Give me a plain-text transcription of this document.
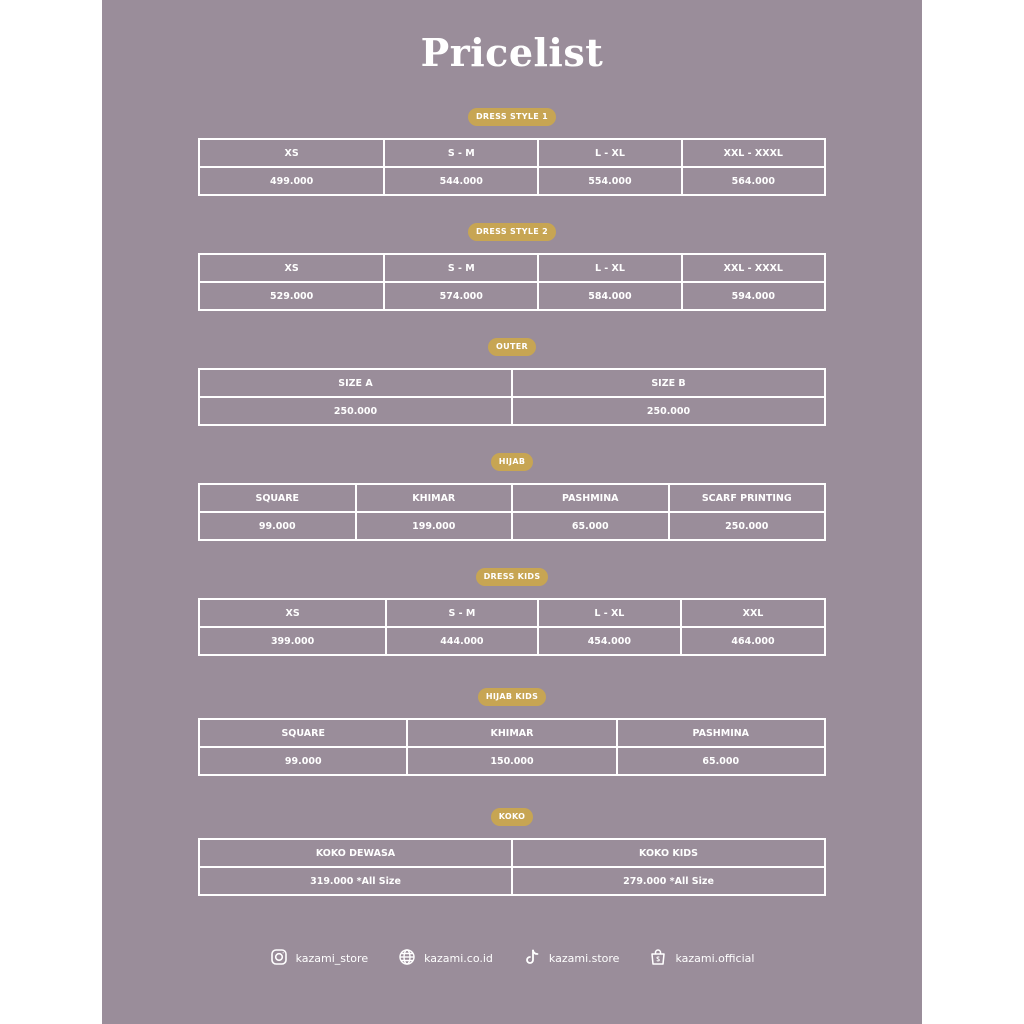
Pricelist
DRESS STYLE 1
XS	S - M	L - XL	XXL - XXXL
499.000	544.000	554.000	564.000
DRESS STYLE 2
XS	S - M	L - XL	XXL - XXXL
529.000	574.000	584.000	594.000
OUTER
SIZE A	SIZE B
250.000	250.000
HIJAB
SQUARE	KHIMAR	PASHMINA	SCARF PRINTING
99.000	199.000	65.000	250.000
DRESS KIDS
XS	S - M	L - XL	XXL
399.000	444.000	454.000	464.000
HIJAB KIDS
SQUARE	KHIMAR	PASHMINA
99.000	150.000	65.000
KOKO
KOKO DEWASA	KOKO KIDS
319.000 *All Size	279.000 *All Size
kazami_store	kazami.co.id	kazami.store	kazami.official
